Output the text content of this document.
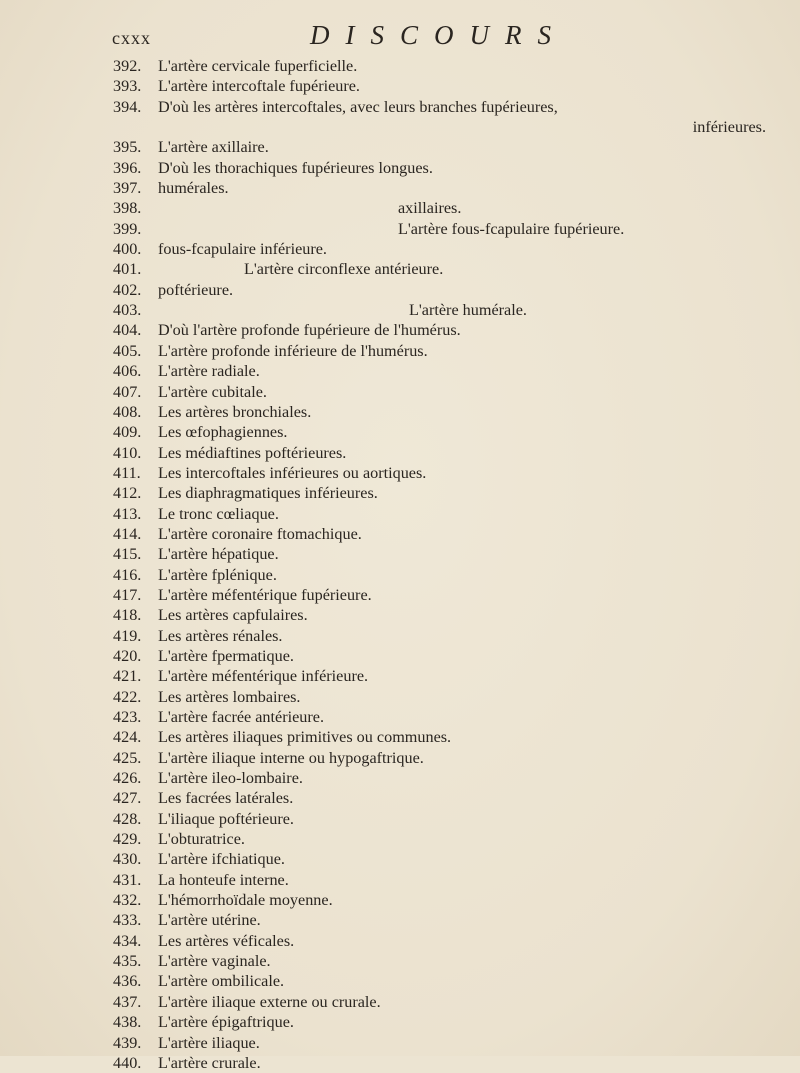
cxxx	DISCOURS
392. L'artère cervicale fuperficielle.
393. L'artère intercoftale fupérieure.
394. D'où les artères intercoftales, avec leurs branches fupérieures,
inférieures.
395. L'artère axillaire.
396. D'où les thorachiques fupérieures longues.
397. humérales.
398.	axillaires.
399.	L'artère fous-fcapulaire fupérieure.
400. fous-fcapulaire inférieure.
401.	L'artère circonflexe antérieure.
402. poftérieure.
403.	L'artère humérale.
404. D'où l'artère profonde fupérieure de l'humérus.
405. L'artère profonde inférieure de l'humérus.
406. L'artère radiale.
407. L'artère cubitale.
408. Les artères bronchiales.
409. Les œfophagiennes.
410. Les médiaftines poftérieures.
411. Les intercoftales inférieures ou aortiques.
412. Les diaphragmatiques inférieures.
413. Le tronc cœliaque.
414. L'artère coronaire ftomachique.
415. L'artère hépatique.
416. L'artère fplénique.
417. L'artère méfentérique fupérieure.
418. Les artères capfulaires.
419. Les artères rénales.
420. L'artère fpermatique.
421. L'artère méfentérique inférieure.
422. Les artères lombaires.
423. L'artère facrée antérieure.
424. Les artères iliaques primitives ou communes.
425. L'artère iliaque interne ou hypogaftrique.
426. L'artère ileo-lombaire.
427. Les facrées latérales.
428. L'iliaque poftérieure.
429. L'obturatrice.
430. L'artère ifchiatique.
431. La honteufe interne.
432. L'hémorrhoïdale moyenne.
433. L'artère utérine.
434. Les artères véficales.
435. L'artère vaginale.
436. L'artère ombilicale.
437. L'artère iliaque externe ou crurale.
438. L'artère épigaftrique.
439. L'artère iliaque.
440. L'artère crurale.
